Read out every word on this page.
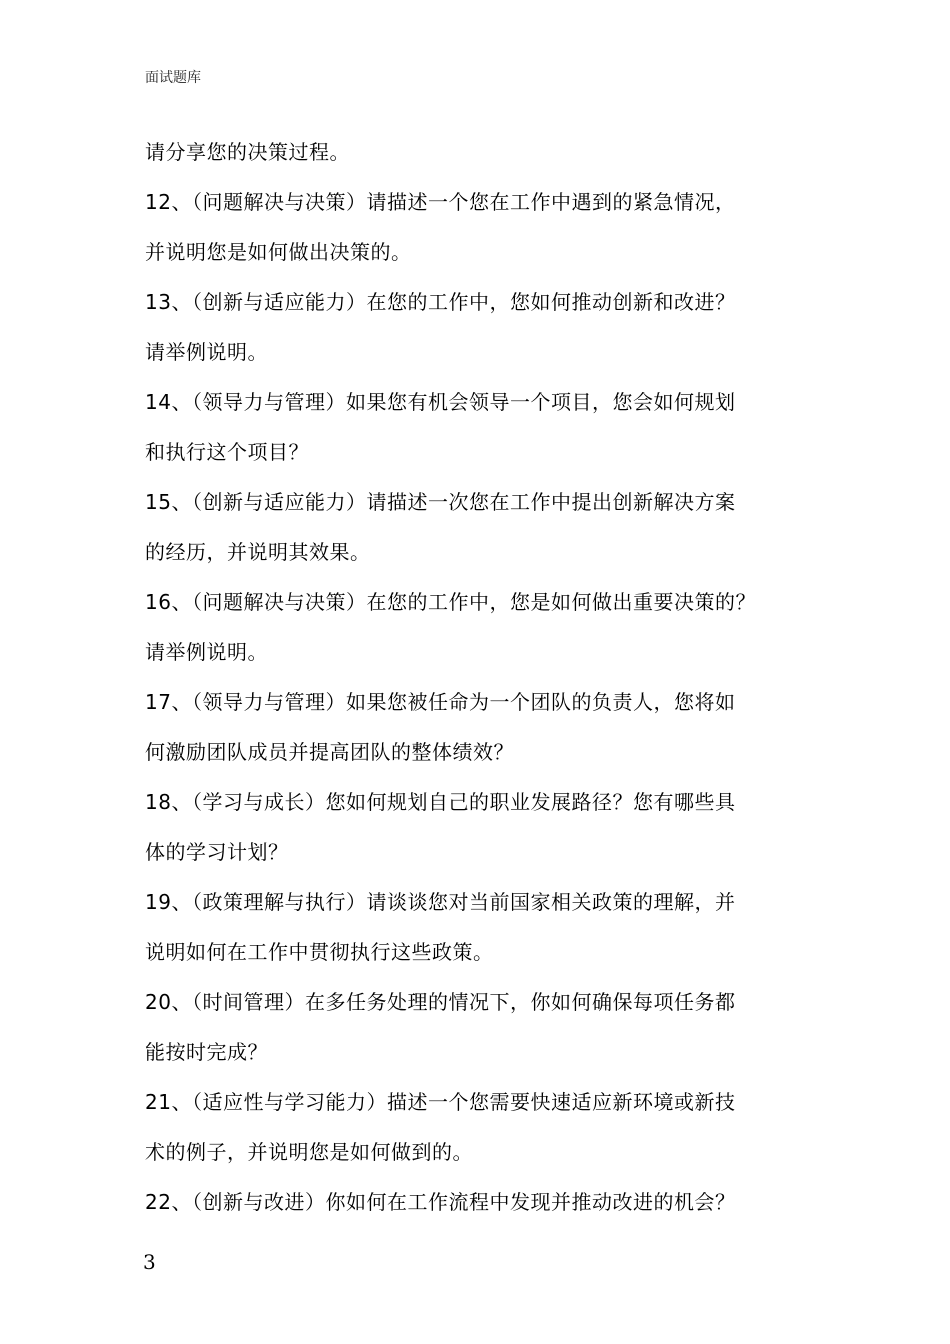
面试题库
请分享您的决策过程。
12、（问题解决与决策）请描述一个您在工作中遇到的紧急情况，
并说明您是如何做出决策的。
13、（创新与适应能力）在您的工作中，您如何推动创新和改进？
请举例说明。
14、（领导力与管理）如果您有机会领导一个项目，您会如何规划
和执行这个项目？
15、（创新与适应能力）请描述一次您在工作中提出创新解决方案
的经历，并说明其效果。
16、（问题解决与决策）在您的工作中，您是如何做出重要决策的？
请举例说明。
17、（领导力与管理）如果您被任命为一个团队的负责人，您将如
何激励团队成员并提高团队的整体绩效？
18、（学习与成长）您如何规划自己的职业发展路径？您有哪些具
体的学习计划？
19、（政策理解与执行）请谈谈您对当前国家相关政策的理解，并
说明如何在工作中贯彻执行这些政策。
20、（时间管理）在多任务处理的情况下，你如何确保每项任务都
能按时完成？
21、（适应性与学习能力）描述一个您需要快速适应新环境或新技
术的例子，并说明您是如何做到的。
22、（创新与改进）你如何在工作流程中发现并推动改进的机会？
3
